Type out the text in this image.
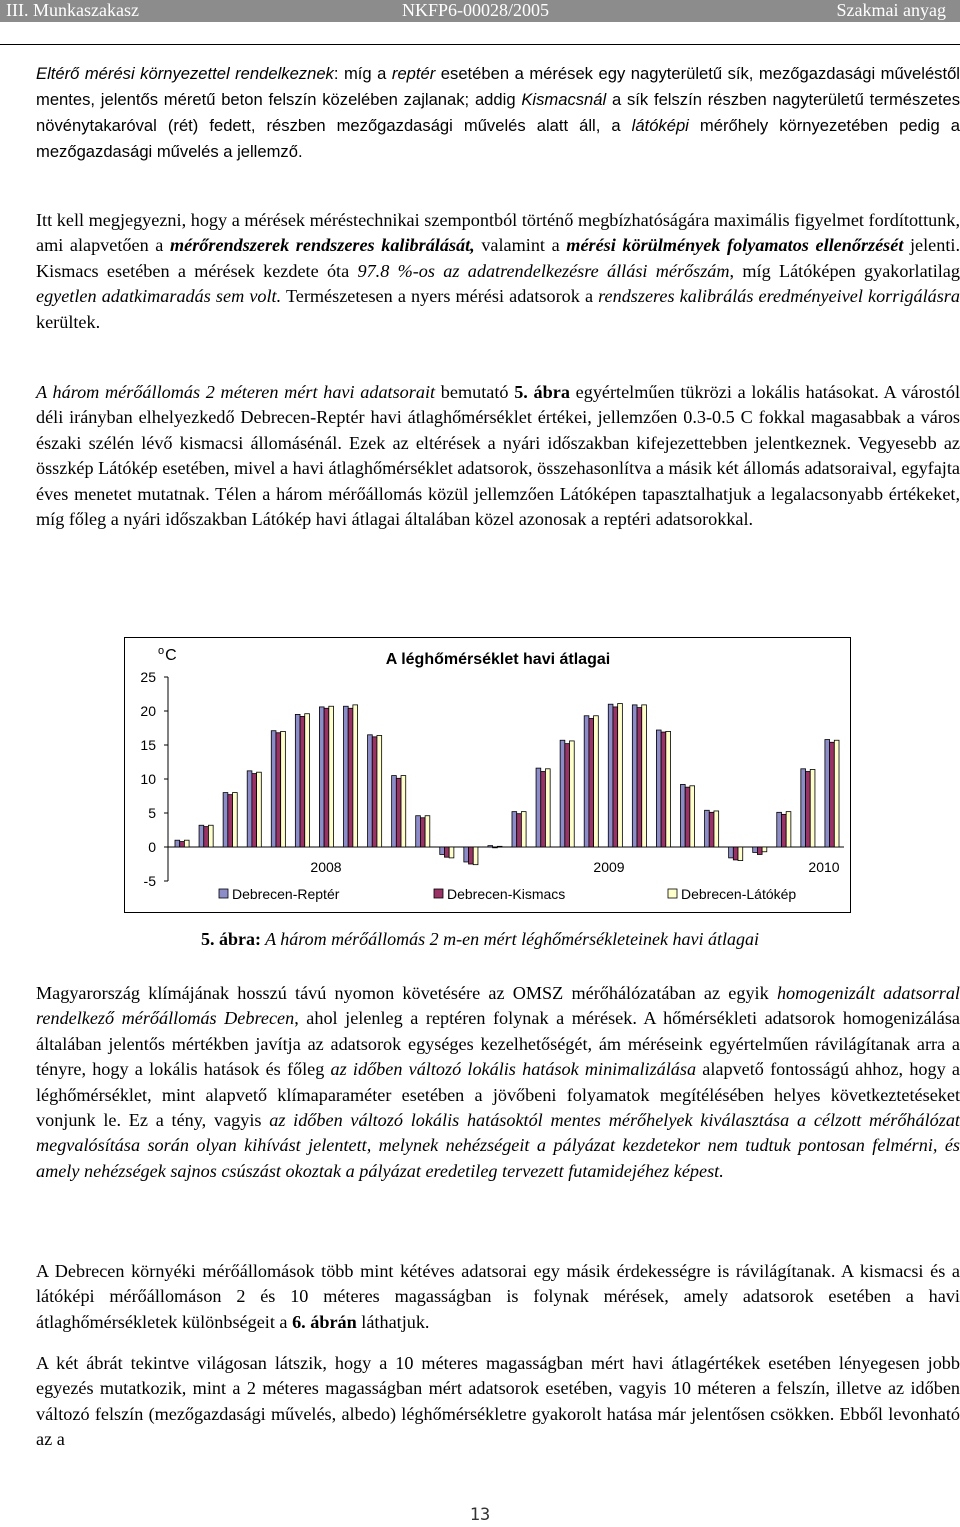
III. Munkaszakasz	NKFP6-00028/2005	Szakmai anyag

Eltérő mérési környezettel rendelkeznek: míg a reptér esetében a mérések egy nagyterületű sík, mezőgazdasági műveléstől mentes, jelentős méretű beton felszín közelében zajlanak; addig Kismacsnál a sík felszín részben nagyterületű természetes növénytakaróval (rét) fedett, részben mezőgazdasági művelés alatt áll, a látóképi mérőhely környezetében pedig a mezőgazdasági művelés a jellemző.

Itt kell megjegyezni, hogy a mérések méréstechnikai szempontból történő megbízhatóságára maximális figyelmet fordítottunk, ami alapvetően a mérőrendszerek rendszeres kalibrálását, valamint a mérési körülmények folyamatos ellenőrzését jelenti. Kismacs esetében a mérések kezdete óta 97.8 %-os az adatrendelkezésre állási mérőszám, míg Látóképen gyakorlatilag egyetlen adatkimaradás sem volt. Természetesen a nyers mérési adatsorok a rendszeres kalibrálás eredményeivel korrigálásra kerültek.

A három mérőállomás 2 méteren mért havi adatsorait bemutató 5. ábra egyértelműen tükrözi a lokális hatásokat. A várostól déli irányban elhelyezkedő Debrecen-Reptér havi átlaghőmérséklet értékei, jellemzően 0.3-0.5 C fokkal magasabbak a város északi szélén lévő kismacsi állomásénál. Ezek az eltérések a nyári időszakban kifejezettebben jelentkeznek. Vegyesebb az összkép Látókép esetében, mivel a havi átlaghőmérséklet adatsorok, összehasonlítva a másik két állomás adatsoraival, egyfajta éves menetet mutatnak. Télen a három mérőállomás közül jellemzően Látóképen tapasztalhatjuk a legalacsonyabb értékeket, míg főleg a nyári időszakban Látókép havi átlagai általában közel azonosak a reptéri adatsorokkal.

25
20
15
10
5
0
-5
$^o$C	A léghőmérséklet havi átlagai
2008	2009	2010
Debrecen-Reptér	Debrecen-Kismacs	Debrecen-Látókép
5. ábra: A három mérőállomás 2 m-en mért léghőmérsékleteinek havi átlagai

Magyarország klímájának hosszú távú nyomon követésére az OMSZ mérőhálózatában az egyik homogenizált adatsorral rendelkező mérőállomás Debrecen, ahol jelenleg a reptéren folynak a mérések. A hőmérsékleti adatsorok homogenizálása általában jelentős mértékben javítja az adatsorok egységes kezelhetőségét, ám méréseink egyértelműen rávilágítanak arra a tényre, hogy a lokális hatások és főleg az időben változó lokális hatások minimalizálása alapvető fontosságú ahhoz, hogy a léghőmérséklet, mint alapvető klímaparaméter esetében a jövőbeni folyamatok megítélésében helyes következtetéseket vonjunk le. Ez a tény, vagyis az időben változó lokális hatásoktól mentes mérőhelyek kiválasztása a célzott mérőhálózat megvalósítása során olyan kihívást jelentett, melynek nehézségeit a pályázat kezdetekor nem tudtuk pontosan felmérni, és amely nehézségek sajnos csúszást okoztak a pályázat eredetileg tervezett futamidejéhez képest.

A Debrecen környéki mérőállomások több mint kétéves adatsorai egy másik érdekességre is rávilágítanak. A kismacsi és a látóképi mérőállomáson 2 és 10 méteres magasságban is folynak mérések, amely adatsorok esetében a havi átlaghőmérsékletek különbségeit a 6. ábrán láthatjuk.

A két ábrát tekintve világosan látszik, hogy a 10 méteres magasságban mért havi átlagértékek esetében lényegesen jobb egyezés mutatkozik, mint a 2 méteres magasságban mért adatsorok esetében, vagyis 10 méteren a felszín, illetve az időben változó felszín (mezőgazdasági művelés, albedo) léghőmérsékletre gyakorolt hatása már jelentősen csökken. Ebből levonható az a

13
